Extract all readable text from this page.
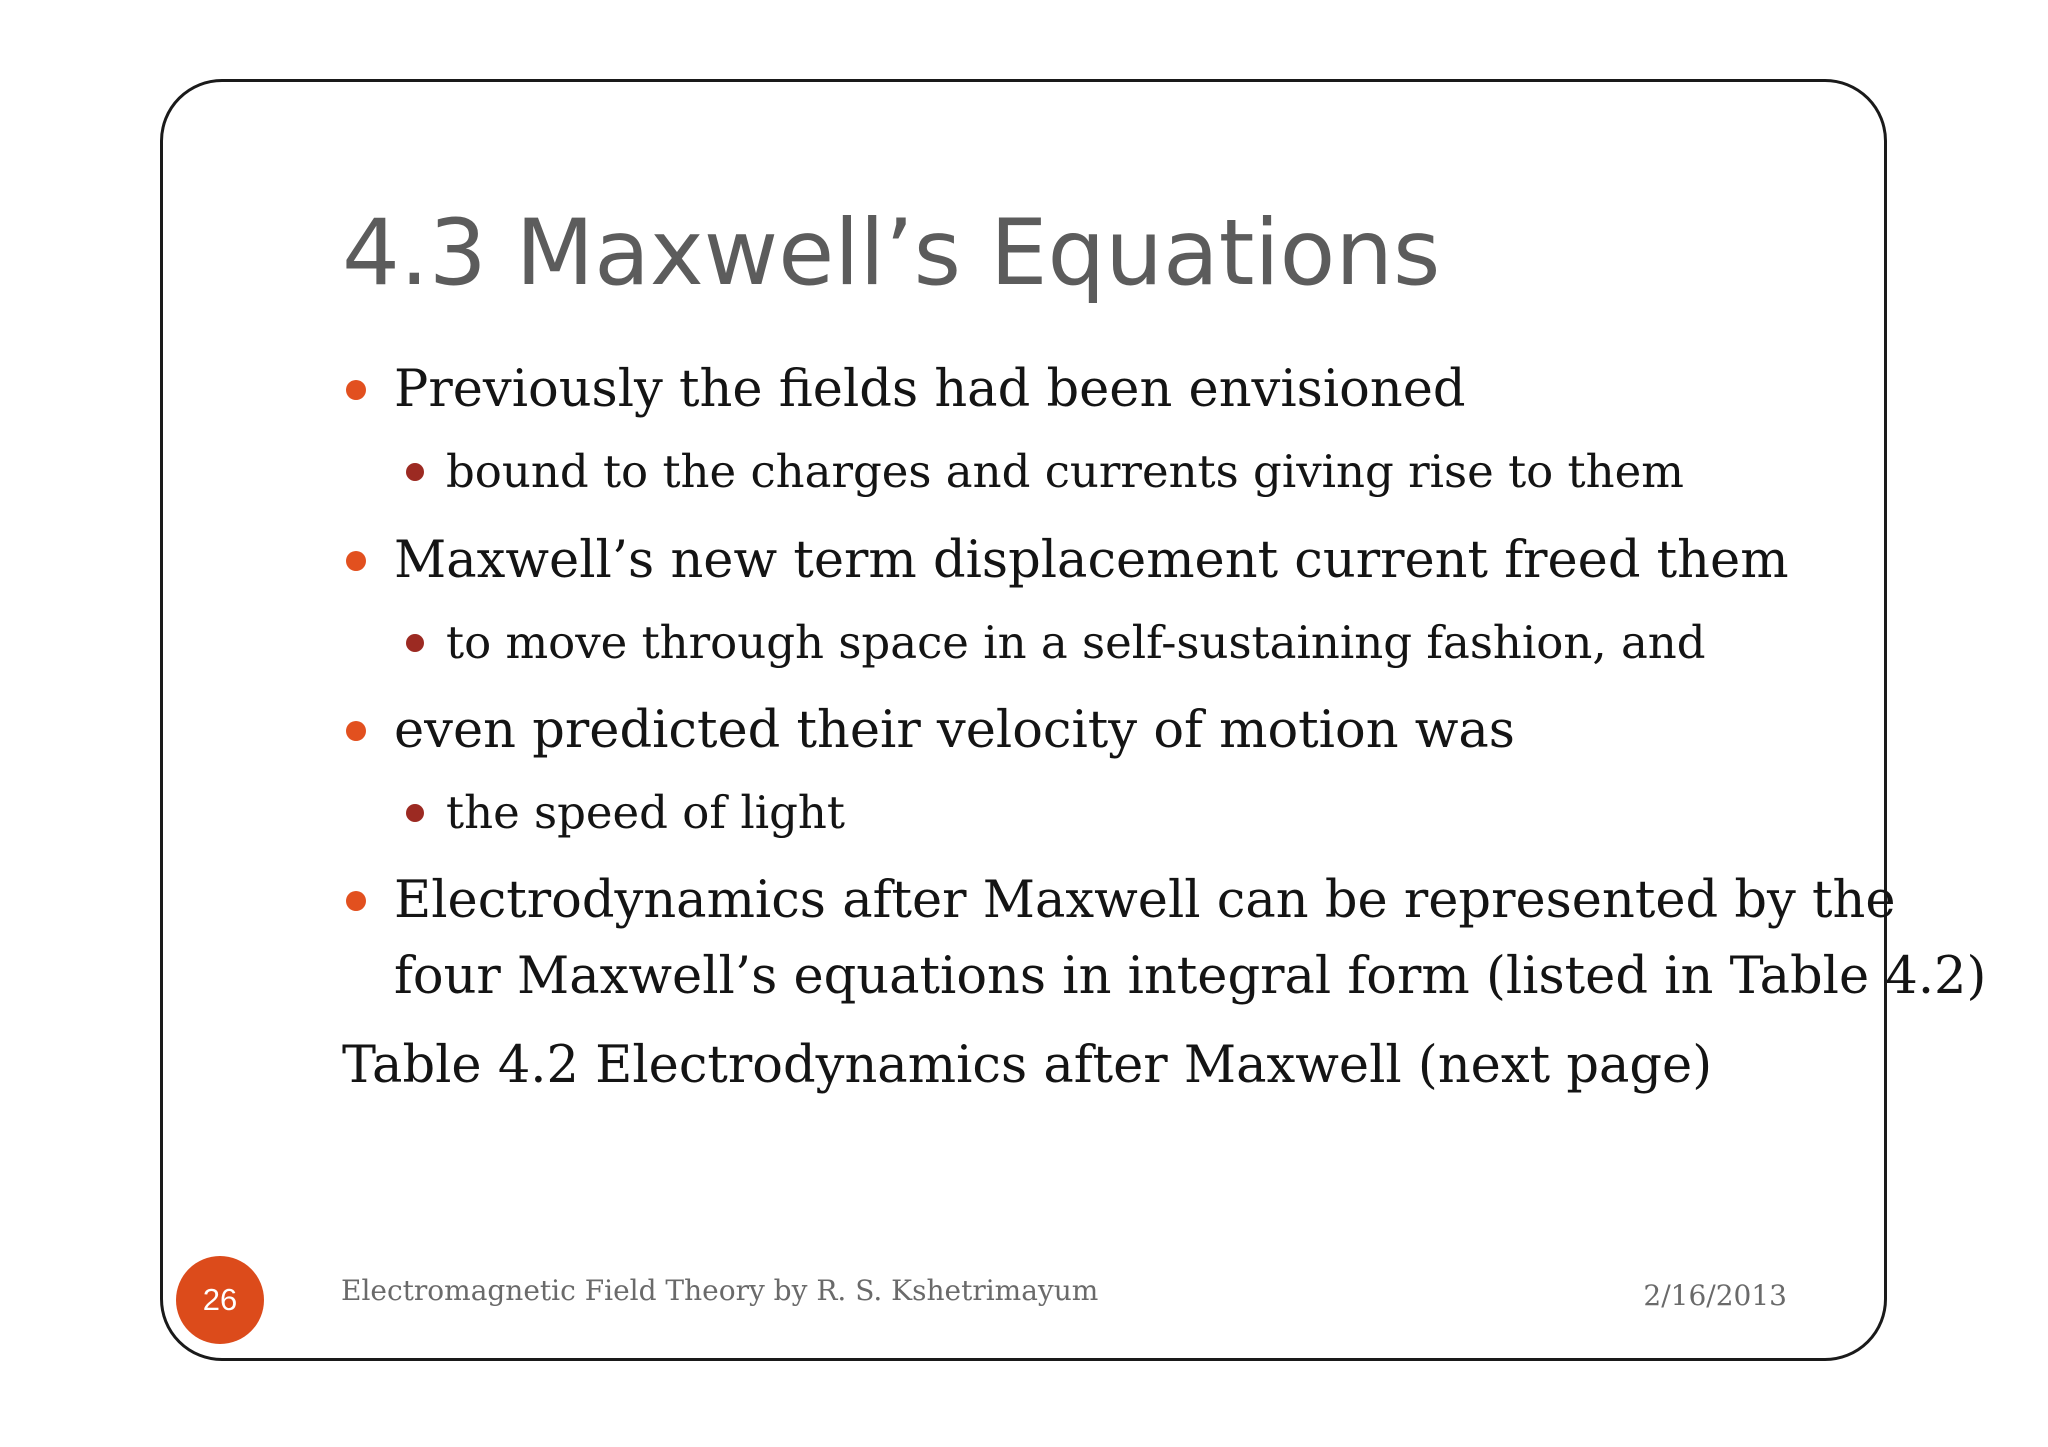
4.3 Maxwell’s Equations
Previously the fields had been envisioned
bound to the charges and currents giving rise to them
Maxwell’s new term displacement current freed them
to move through space in a self-sustaining fashion, and
even predicted their velocity of motion was
the speed of light
Electrodynamics after Maxwell can be represented by the
four Maxwell’s equations in integral form (listed in Table 4.2)
Table 4.2 Electrodynamics after Maxwell (next page)
26	Electromagnetic Field Theory by R. S. Kshetrimayum	2/16/2013
